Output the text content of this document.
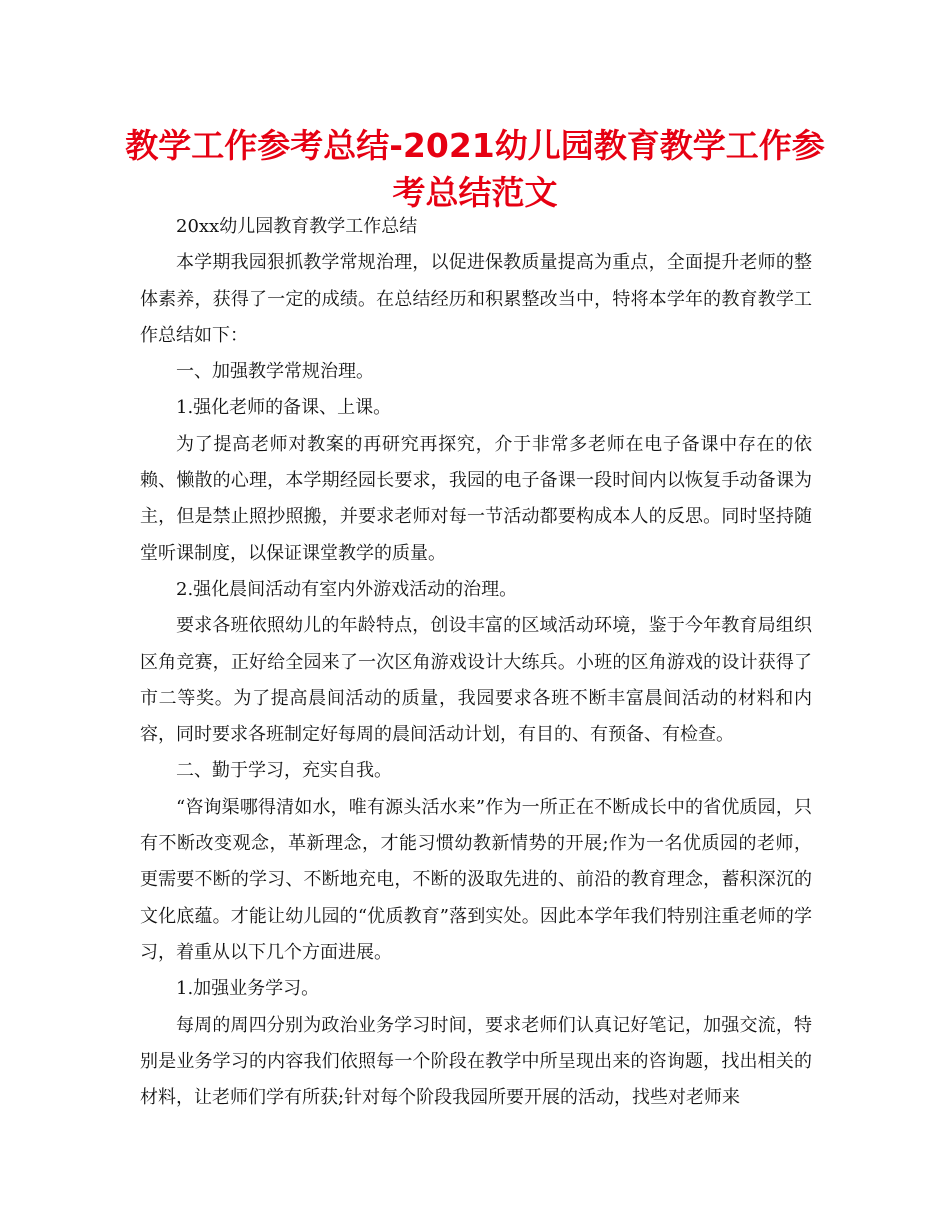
教学工作参考总结-2021幼儿园教育教学工作参考总结范文

20xx幼儿园教育教学工作总结

本学期我园狠抓教学常规治理，以促进保教质量提高为重点，全面提升老师的整体素养，获得了一定的成绩。在总结经历和积累整改当中，特将本学年的教育教学工作总结如下：

一、加强教学常规治理。

1.强化老师的备课、上课。

为了提高老师对教案的再研究再探究，介于非常多老师在电子备课中存在的依赖、懒散的心理，本学期经园长要求，我园的电子备课一段时间内以恢复手动备课为主，但是禁止照抄照搬，并要求老师对每一节活动都要构成本人的反思。同时坚持随堂听课制度，以保证课堂教学的质量。

2.强化晨间活动有室内外游戏活动的治理。

要求各班依照幼儿的年龄特点，创设丰富的区域活动环境，鉴于今年教育局组织区角竞赛，正好给全园来了一次区角游戏设计大练兵。小班的区角游戏的设计获得了市二等奖。为了提高晨间活动的质量，我园要求各班不断丰富晨间活动的材料和内容，同时要求各班制定好每周的晨间活动计划，有目的、有预备、有检查。

二、勤于学习，充实自我。

“咨询渠哪得清如水，唯有源头活水来”作为一所正在不断成长中的省优质园，只有不断改变观念，革新理念，才能习惯幼教新情势的开展;作为一名优质园的老师，更需要不断的学习、不断地充电，不断的汲取先进的、前沿的教育理念，蓄积深沉的文化底蕴。才能让幼儿园的“优质教育”落到实处。因此本学年我们特别注重老师的学习，着重从以下几个方面进展。

1.加强业务学习。

每周的周四分别为政治业务学习时间，要求老师们认真记好笔记，加强交流，特别是业务学习的内容我们依照每一个阶段在教学中所呈现出来的咨询题，找出相关的材料，让老师们学有所获;针对每个阶段我园所要开展的活动，找些对老师来
